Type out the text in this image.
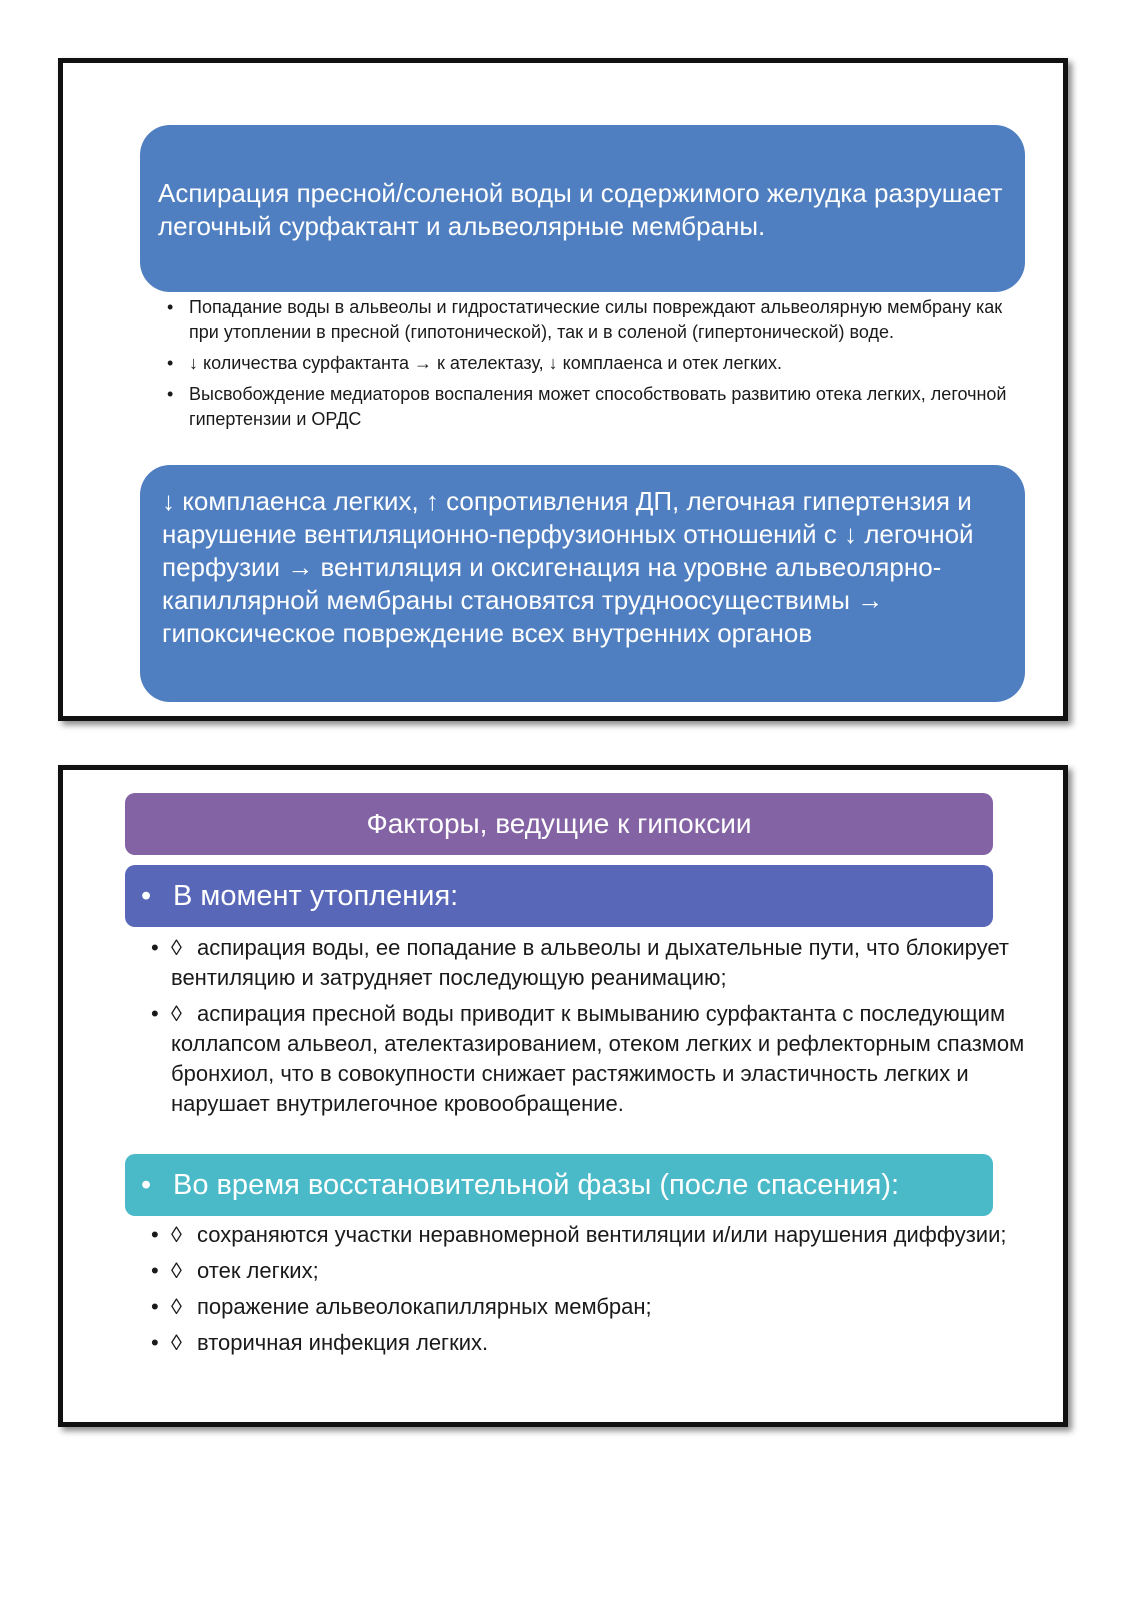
Аспирация пресной/соленой воды и содержимого желудка разрушает легочный сурфактант и альвеолярные мембраны.
• Попадание воды в альвеолы и гидростатические силы повреждают альвеолярную мембрану как при утоплении в пресной (гипотонической), так и в соленой (гипертонической) воде.
• ↓ количества сурфактанта → к ателектазу, ↓ комплаенса и отек легких.
• Высвобождение медиаторов воспаления может способствовать развитию отека легких, легочной гипертензии и ОРДС
↓ комплаенса легких, ↑ сопротивления ДП, легочная гипертензия и нарушение вентиляционно-перфузионных отношений с ↓ легочной перфузии → вентиляция и оксигенация на уровне альвеолярно-капиллярной мембраны становятся трудноосуществимы → гипоксическое повреждение всех внутренних органов
Факторы, ведущие к гипоксии
• В момент утопления:
• ◊ аспирация воды, ее попадание в альвеолы и дыхательные пути, что блокирует вентиляцию и затрудняет последующую реанимацию;
• ◊ аспирация пресной воды приводит к вымыванию сурфактанта с последующим коллапсом альвеол, ателектазированием, отеком легких и рефлекторным спазмом бронхиол, что в совокупности снижает растяжимость и эластичность легких и нарушает внутрилегочное кровообращение.
• Во время восстановительной фазы (после спасения):
• ◊ сохраняются участки неравномерной вентиляции и/или нарушения диффузии;
• ◊ отек легких;
• ◊ поражение альвеолокапиллярных мембран;
• ◊ вторичная инфекция легких.
